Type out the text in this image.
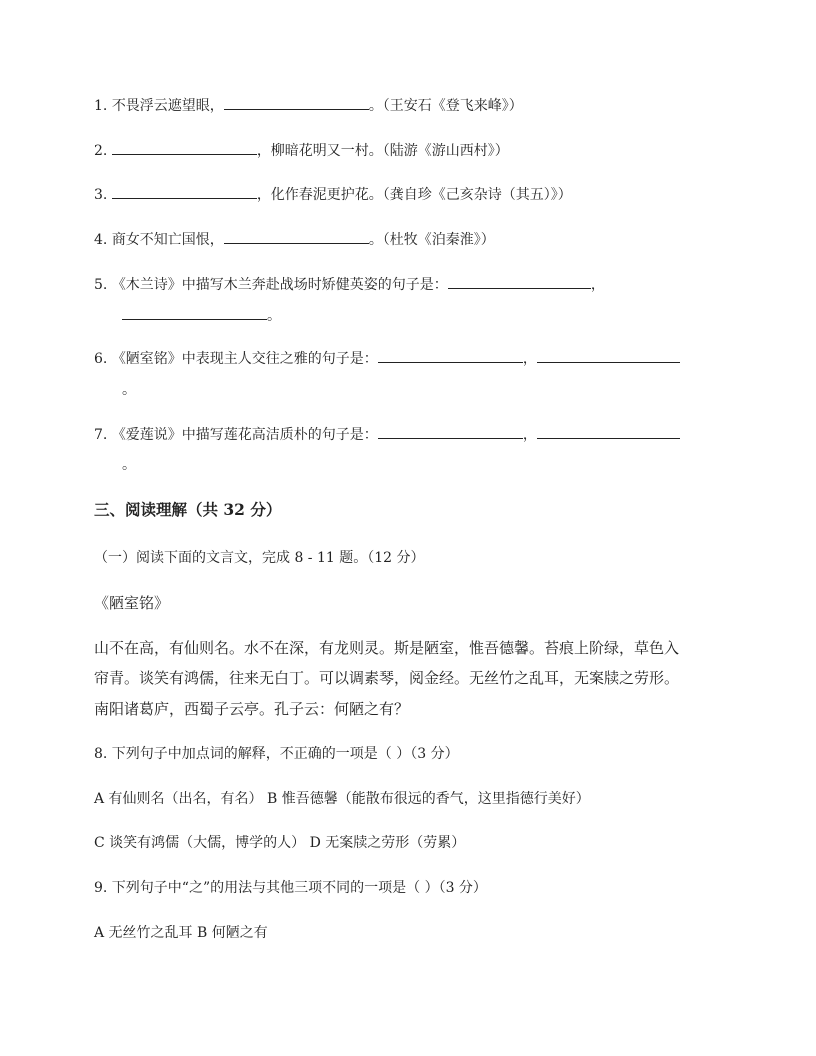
1. 不畏浮云遮望眼，	。（王安石《登飞来峰》）
2.	，柳暗花明又一村。（陆游《游山西村》）
3.	，化作春泥更护花。（龚自珍《己亥杂诗（其五）》）
4. 商女不知亡国恨，	。（杜牧《泊秦淮》）
5. 《木兰诗》中描写木兰奔赴战场时矫健英姿的句子是：	，
。
6. 《陋室铭》中表现主人交往之雅的句子是：	，
。
7. 《爱莲说》中描写莲花高洁质朴的句子是：	，
。
三、阅读理解（共 32 分）
（一）阅读下面的文言文，完成 8 - 11 题。（12 分）
《陋室铭》
山不在高，有仙则名。水不在深，有龙则灵。斯是陋室，惟吾德馨。苔痕上阶绿，草色入
帘青。谈笑有鸿儒，往来无白丁。可以调素琴，阅金经。无丝竹之乱耳，无案牍之劳形。
南阳诸葛庐，西蜀子云亭。孔子云：何陋之有？
8. 下列句子中加点词的解释，不正确的一项是（ ）（3 分）
A 有仙则名（出名，有名） B 惟吾德馨（能散布很远的香气，这里指德行美好）
C 谈笑有鸿儒（大儒，博学的人） D 无案牍之劳形（劳累）
9. 下列句子中“之”的用法与其他三项不同的一项是（ ）（3 分）
A 无丝竹之乱耳 B 何陋之有
